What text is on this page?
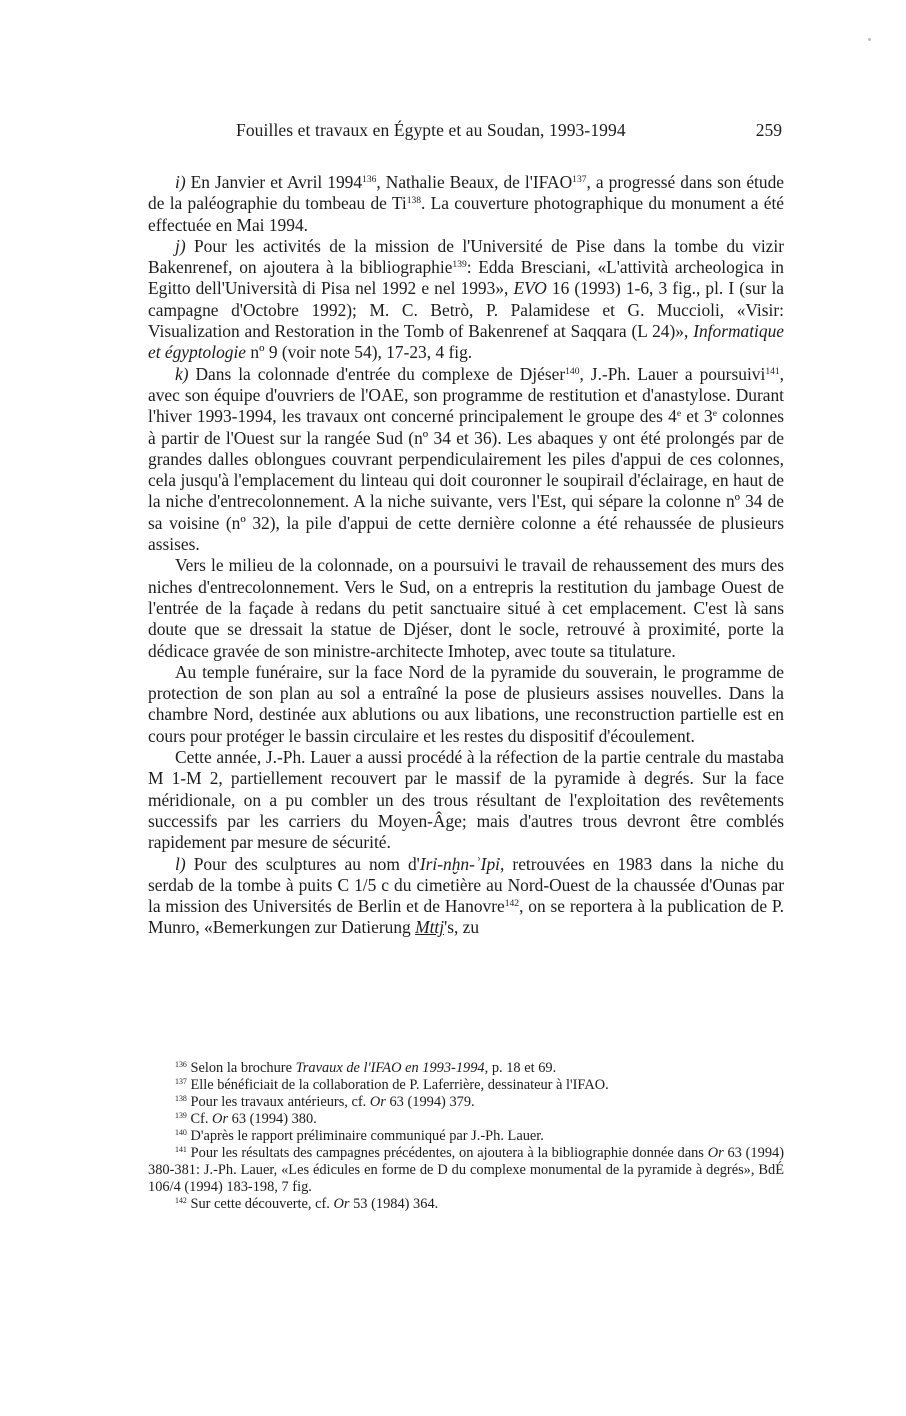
Fouilles et travaux en Égypte et au Soudan, 1993-1994	259

i) En Janvier et Avril 1994$^{136}$, Nathalie Beaux, de l'IFAO$^{137}$, a progressé dans son étude de la paléographie du tombeau de Ti$^{138}$. La couverture photographique du monument a été effectuée en Mai 1994.

j) Pour les activités de la mission de l'Université de Pise dans la tombe du vizir Bakenrenef, on ajoutera à la bibliographie$^{139}$: Edda Bresciani, «L'attività archeologica in Egitto dell'Università di Pisa nel 1992 e nel 1993», EVO 16 (1993) 1-6, 3 fig., pl. I (sur la campagne d'Octobre 1992); M. C. Betrò, P. Palamidese et G. Muccioli, «Visir: Visualization and Restoration in the Tomb of Bakenrenef at Saqqara (L 24)», Informatique et égyptologie nº 9 (voir note 54), 17-23, 4 fig.

k) Dans la colonnade d'entrée du complexe de Djéser$^{140}$, J.-Ph. Lauer a poursuivi$^{141}$, avec son équipe d'ouvriers de l'OAE, son programme de restitution et d'anastylose. Durant l'hiver 1993-1994, les travaux ont concerné principalement le groupe des 4e et 3e colonnes à partir de l'Ouest sur la rangée Sud (nº 34 et 36). Les abaques y ont été prolongés par de grandes dalles oblongues couvrant perpendiculairement les piles d'appui de ces colonnes, cela jusqu'à l'emplacement du linteau qui doit couronner le soupirail d'éclairage, en haut de la niche d'entrecolonnement. A la niche suivante, vers l'Est, qui sépare la colonne nº 34 de sa voisine (nº 32), la pile d'appui de cette dernière colonne a été rehaussée de plusieurs assises.

Vers le milieu de la colonnade, on a poursuivi le travail de rehaussement des murs des niches d'entrecolonnement. Vers le Sud, on a entrepris la restitution du jambage Ouest de l'entrée de la façade à redans du petit sanctuaire situé à cet emplacement. C'est là sans doute que se dressait la statue de Djéser, dont le socle, retrouvé à proximité, porte la dédicace gravée de son ministre-architecte Imhotep, avec toute sa titulature.

Au temple funéraire, sur la face Nord de la pyramide du souverain, le programme de protection de son plan au sol a entraîné la pose de plusieurs assises nouvelles. Dans la chambre Nord, destinée aux ablutions ou aux libations, une reconstruction partielle est en cours pour protéger le bassin circulaire et les restes du dispositif d'écoulement.

Cette année, J.-Ph. Lauer a aussi procédé à la réfection de la partie centrale du mastaba M 1-M 2, partiellement recouvert par le massif de la pyramide à degrés. Sur la face méridionale, on a pu combler un des trous résultant de l'exploitation des revêtements successifs par les carriers du Moyen-Âge; mais d'autres trous devront être comblés rapidement par mesure de sécurité.

l) Pour des sculptures au nom d'Irỉ-nḫn-ʾIpỉ, retrouvées en 1983 dans la niche du serdab de la tombe à puits C 1/5 c du cimetière au Nord-Ouest de la chaussée d'Ounas par la mission des Universités de Berlin et de Hanovre$^{142}$, on se reportera à la publication de P. Munro, «Bemerkungen zur Datierung Mttj's, zu

$^{136}$ Selon la brochure Travaux de l'IFAO en 1993-1994, p. 18 et 69.

$^{137}$ Elle bénéficiait de la collaboration de P. Laferrière, dessinateur à l'IFAO.

$^{138}$ Pour les travaux antérieurs, cf. Or 63 (1994) 379.

$^{139}$ Cf. Or 63 (1994) 380.

$^{140}$ D'après le rapport préliminaire communiqué par J.-Ph. Lauer.

$^{141}$ Pour les résultats des campagnes précédentes, on ajoutera à la bibliographie donnée dans Or 63 (1994) 380-381: J.-Ph. Lauer, «Les édicules en forme de D du complexe monumental de la pyramide à degrés», BdÉ 106/4 (1994) 183-198, 7 fig.

$^{142}$ Sur cette découverte, cf. Or 53 (1984) 364.
